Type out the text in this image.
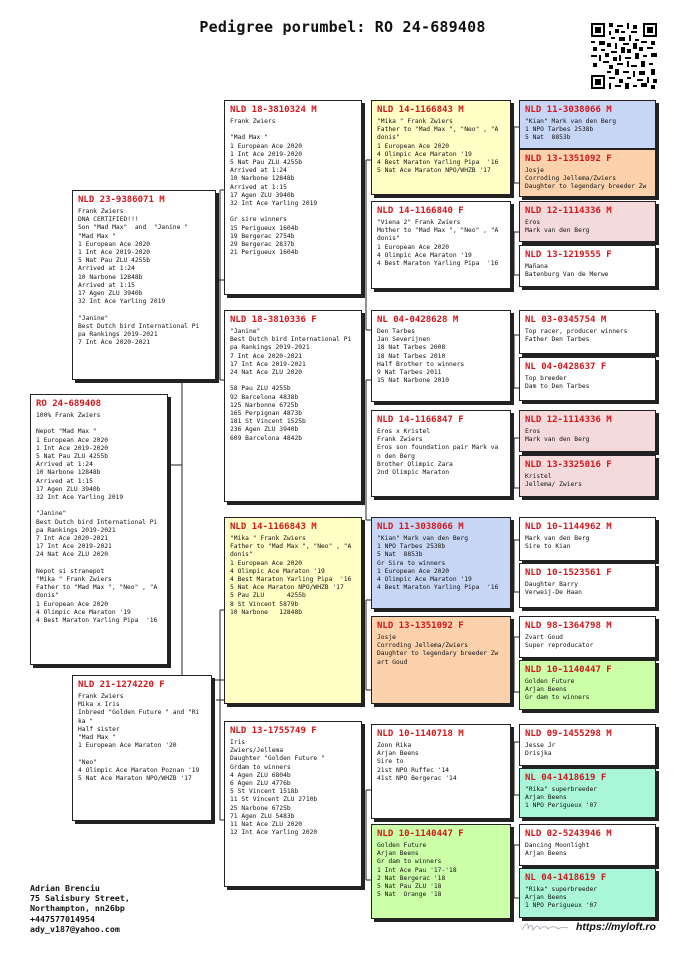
Pedigree porumbel: RO 24-689408
RO 24-689408
100% Frank Zwiers

Nepot "Mad Max "
1 European Ace 2020
1 Int Ace 2019-2020
5 Nat Pau ZLU 4255b
Arrived at 1:24
10 Narbone 12848b
Arrived at 1:15
17 Agen ZLU 3940b
32 Int Ace Yarling 2019

"Janine"
Best Dutch bird International Pi
pa Rankings 2019-2021
7 Int Ace 2020-2021
17 Int Ace 2019-2021
24 Nat Ace ZLU 2020

Nepot si stranepot
"Mika " Frank Zwiers
Father to "Mad Max ", "Neo" , "A
donis"
1 European Ace 2020
4 Olimpic Ace Maraton '19
4 Best Maraton Yarling Pipa  '16
NLD 23-9386071 M
Frank Zwiers
DNA CERTIFIED!!!
Son "Mad Max"  and  "Janine "
"Mad Max "
1 European Ace 2020
1 Int Ace 2019-2020
5 Nat Pau ZLU 4255b
Arrived at 1:24
10 Narbone 12848b
Arrived at 1:15
17 Agen ZLU 3940b
32 Int Ace Yarling 2019

"Janine"
Best Dutch bird International Pi
pa Rankings 2019-2021
7 Int Ace 2020-2021
NLD 21-1274220 F
Frank Zwiers
Mika x Iris
Inbreed "Golden Future " and "Ri
ka "
Half sister
"Mad Max "
1 European Ace Maraton '20

"Neo"
4 Olimpic Ace Maraton Poznan '19
5 Nat Ace Maraton NPO/WHZB '17
NLD 18-3810324 M
Frank Zwiers

"Mad Max "
1 European Ace 2020
1 Int Ace 2019-2020
5 Nat Pau ZLU 4255b
Arrived at 1:24
10 Narbone 12848b
Arrived at 1:15
17 Agen ZLU 3940b
32 Int Ace Yarling 2019

Gr sire winners
15 Perigueux 1604b
19 Bergerac 2754b
29 Bergerac 2837b
21 Perigueux 1604b
NLD 18-3810336 F
"Janine"
Best Dutch bird International Pi
pa Rankings 2019-2021
7 Int Ace 2020-2021
17 Int Ace 2019-2021
24 Nat Ace ZLU 2020

58 Pau ZLU 4255b
92 Barcelona 4838b
125 Narbonne 6725b
165 Perpignan 4873b
181 St Vincent 1525b
236 Agen ZLU 3940b
609 Barcelona 4842b
NLD 14-1166843 M
"Mika " Frank Zwiers
Father to "Mad Max ", "Neo" , "A
donis"
1 European Ace 2020
4 Olimpic Ace Maraton '19
4 Best Maraton Yarling Pipa  '16
5 Nat Ace Maraton NPO/WHZB '17
5 Pau ZLU      4255b
8 St Vincent 5879b
10 Narbone   12848b
NLD 13-1755749 F
Iris
Zwiers/Jellema
Daughter "Golden Future "
Grdam to winners
4 Agen ZLU 6804b
6 Agen ZLU 4776b
5 St Vincent 1518b
11 St Vincent ZLU 2710b
25 Narbone 6725b
71 Agen ZLU 5483b
11 Nat Ace ZLU 2020
12 Int Ace Yarling 2020
NLD 14-1166843 M
"Mika " Frank Zwiers
Father to "Mad Max ", "Neo" , "A
donis"
1 European Ace 2020
4 Olimpic Ace Maraton '19
4 Best Maraton Yarling Pipa  '16
5 Nat Ace Maraton NPO/WHZB '17
NLD 14-1166840 F
"Viena 2" Frank Zwiers
Mother to "Mad Max ", "Neo" , "A
donis"
1 European Ace 2020
4 Olimpic Ace Maraton '19
4 Best Maraton Yarling Pipa  '16
NL 04-0428628 M
Den Tarbes
Jan Severijnen
18 Nat Tarbes 2008
18 Nat Tarbes 2010
Half Brother to winners
9 Nat Tarbes 2011
15 Nat Narbone 2010
NLD 14-1166847 F
Eros x Kristel
Frank Zwiers
Eros son foundation pair Mark va
n den Berg
Brother Olimpic Zara
2nd Olimpic Maraton
NLD 11-3038066 M
"Kian" Mark van den Berg
1 NPO Tarbes 2538b
5 Nat  8853b
Gr Sire to winners
1 European Ace 2020
4 Olimpic Ace Maraton '19
4 Best Maraton Yarling Pipa  '16
NLD 13-1351092 F
Josje
Corroding Jellema/Zwiers
Daughter to legendary breeder Zw
art Goud
NLD 10-1140718 M
Zoon Rika
Arjan Beens
Sire to
21st NPO Ruffec '14
41st NPO Bergerac '14
NLD 10-1140447 F
Golden Future
Arjan Beens
Gr dam to winners
1 Int Ace Pau '17-'18
2 Nat Bergerac '18
5 Nat Pau ZLU '18
5 Nat  Orange '18
NLD 11-3038066 M
"Kian" Mark van den Berg
1 NPO Tarbes 2538b
5 Nat  8853b
NLD 13-1351092 F
Josje
Corroding Jellema/Zwiers
Daughter to legendary breeder Zw
NLD 12-1114336 M
Eros
Mark van den Berg
NLD 13-1219555 F
Mañana
Batenburg Van de Merwe
NL 03-0345754 M
Top racer, producer winners
Father Den Tarbes
NL 04-0428637 F
Top breeder
Dam to Den Tarbes
NLD 12-1114336 M
Eros
Mark van den Berg
NLD 13-3325016 F
Kristel
Jellema/ Zwiers
NLD 10-1144962 M
Mark van den Berg
Sire to Kian
NLD 10-1523561 F
Daughter Barry
Verweij-De Haan
NLD 98-1364798 M
Zvart Goud
Super reproducator
NLD 10-1140447 F
Golden Future
Arjan Beens
Gr dam to winners
NLD 09-1455298 M
Jesse Jr
Drisjka
NL 04-1418619 F
"Rika" superbreeder
Arjan Beens
1 NPO Perigueux '07
NLD 02-5243946 M
Dancing Moonlight
Arjan Beens
NL 04-1418619 F
"Rika" superbreeder
Arjan Beens
1 NPO Perigueux '07
Adrian Brenciu
75 Salisbury Street,
Northampton, nn26bp
+447577014954
ady_v187@yahoo.com	https://myloft.ro
